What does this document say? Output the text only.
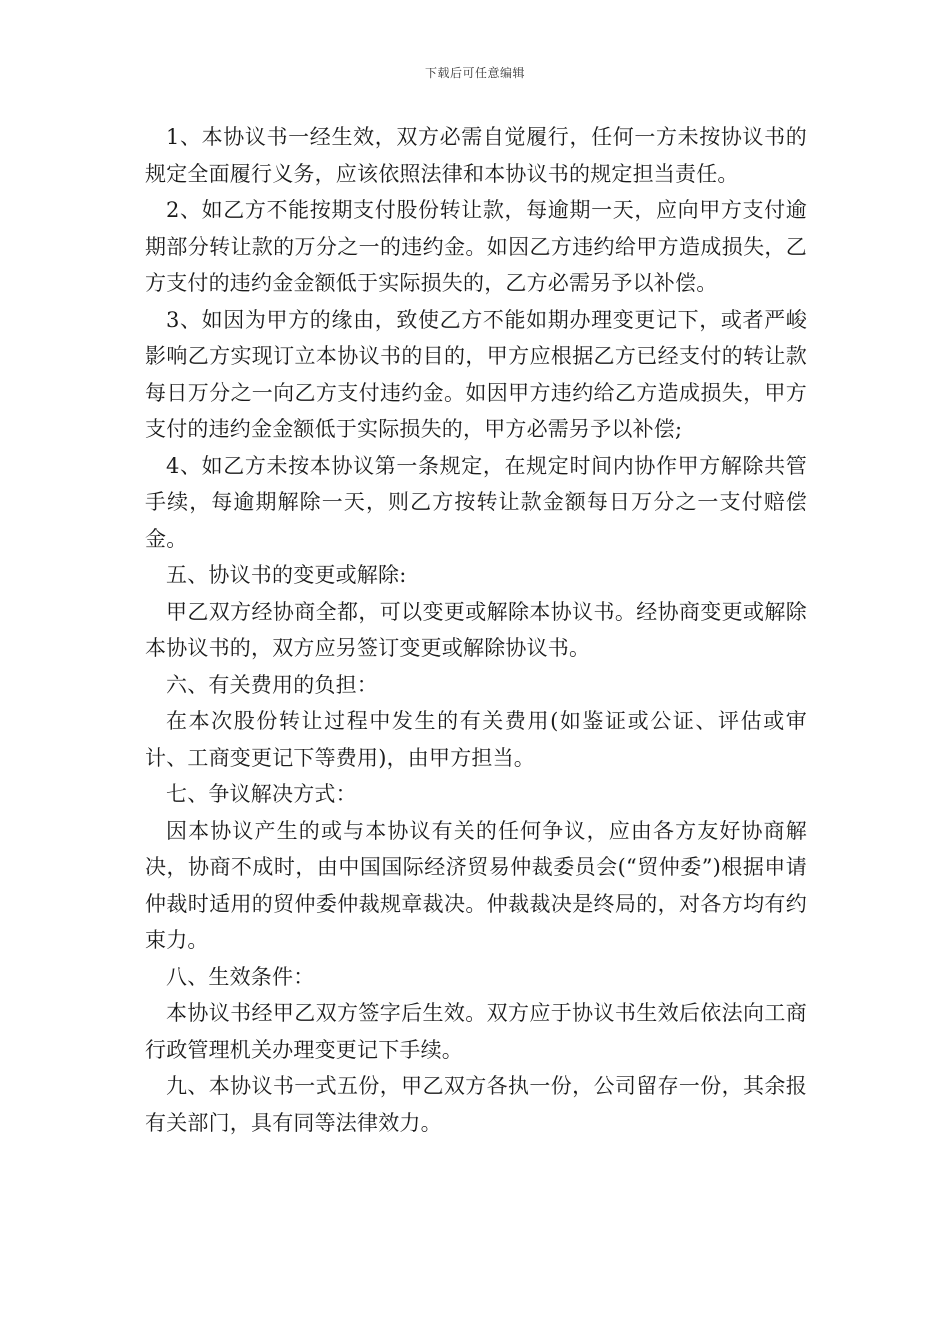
下载后可任意编辑

1、本协议书一经生效，双方必需自觉履行，任何一方未按协议书的规定全面履行义务，应该依照法律和本协议书的规定担当责任。

2、如乙方不能按期支付股份转让款，每逾期一天，应向甲方支付逾期部分转让款的万分之一的违约金。如因乙方违约给甲方造成损失，乙方支付的违约金金额低于实际损失的，乙方必需另予以补偿。

3、如因为甲方的缘由，致使乙方不能如期办理变更记下，或者严峻影响乙方实现订立本协议书的目的，甲方应根据乙方已经支付的转让款每日万分之一向乙方支付违约金。如因甲方违约给乙方造成损失，甲方支付的违约金金额低于实际损失的，甲方必需另予以补偿;

4、如乙方未按本协议第一条规定，在规定时间内协作甲方解除共管手续，每逾期解除一天，则乙方按转让款金额每日万分之一支付赔偿金。

五、协议书的变更或解除:

甲乙双方经协商全都，可以变更或解除本协议书。经协商变更或解除本协议书的，双方应另签订变更或解除协议书。

六、有关费用的负担：

在本次股份转让过程中发生的有关费用(如鉴证或公证、评估或审计、工商变更记下等费用)，由甲方担当。

七、争议解决方式：

因本协议产生的或与本协议有关的任何争议，应由各方友好协商解决，协商不成时，由中国国际经济贸易仲裁委员会(“贸仲委”)根据申请仲裁时适用的贸仲委仲裁规章裁决。仲裁裁决是终局的，对各方均有约束力。

八、生效条件：

本协议书经甲乙双方签字后生效。双方应于协议书生效后依法向工商行政管理机关办理变更记下手续。

九、本协议书一式五份，甲乙双方各执一份，公司留存一份，其余报有关部门，具有同等法律效力。
